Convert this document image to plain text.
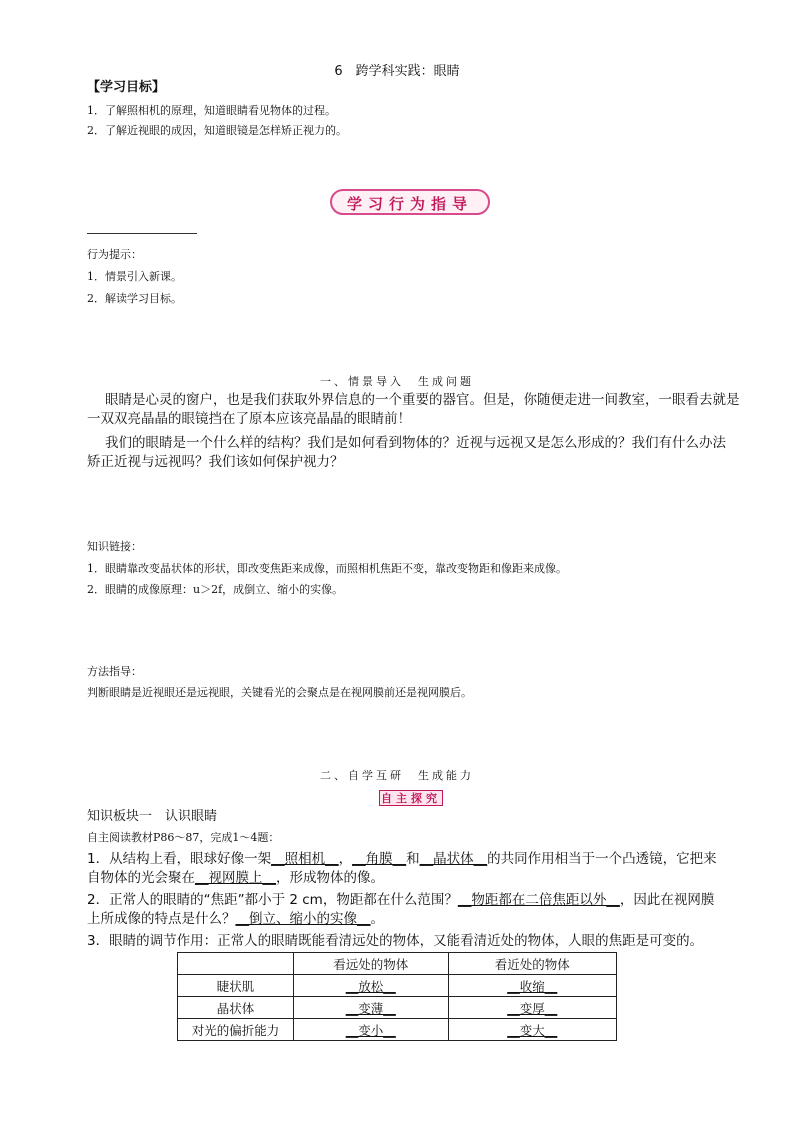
6　跨学科实践：眼睛
【学习目标】
1．了解照相机的原理，知道眼睛看见物体的过程。
2．了解近视眼的成因，知道眼镜是怎样矫正视力的。
学习行为指导
行为提示：
1．情景引入新课。
2．解读学习目标。
一、情景导入　生成问题
眼睛是心灵的窗户，也是我们获取外界信息的一个重要的器官。但是，你随便走进一间教室，一眼看去就是
一双双亮晶晶的眼镜挡在了原本应该亮晶晶的眼睛前！
我们的眼睛是一个什么样的结构？我们是如何看到物体的？近视与远视又是怎么形成的？我们有什么办法
矫正近视与远视吗？我们该如何保护视力？
知识链接：
1．眼睛靠改变晶状体的形状，即改变焦距来成像，而照相机焦距不变，靠改变物距和像距来成像。
2．眼睛的成像原理：u＞2f，成倒立、缩小的实像。
方法指导：
判断眼睛是近视眼还是远视眼，关键看光的会聚点是在视网膜前还是视网膜后。
二、自学互研　生成能力
自主探究
知识板块一　认识眼睛
自主阅读教材P86～87，完成1～4题：
1．从结构上看，眼球好像一架__照相机__，__角膜__和__晶状体__的共同作用相当于一个凸透镜，它把来
自物体的光会聚在__视网膜上__，形成物体的像。
2．正常人的眼睛的“焦距”都小于 2 cm，物距都在什么范围？__物距都在二倍焦距以外__，因此在视网膜
上所成像的特点是什么？__倒立、缩小的实像__。
3．眼睛的调节作用：正常人的眼睛既能看清远处的物体，又能看清近处的物体，人眼的焦距是可变的。
	看远处的物体	看近处的物体
睫状肌	__放松__	__收缩__
晶状体	__变薄__	__变厚__
对光的偏折能力	__变小__	__变大__
